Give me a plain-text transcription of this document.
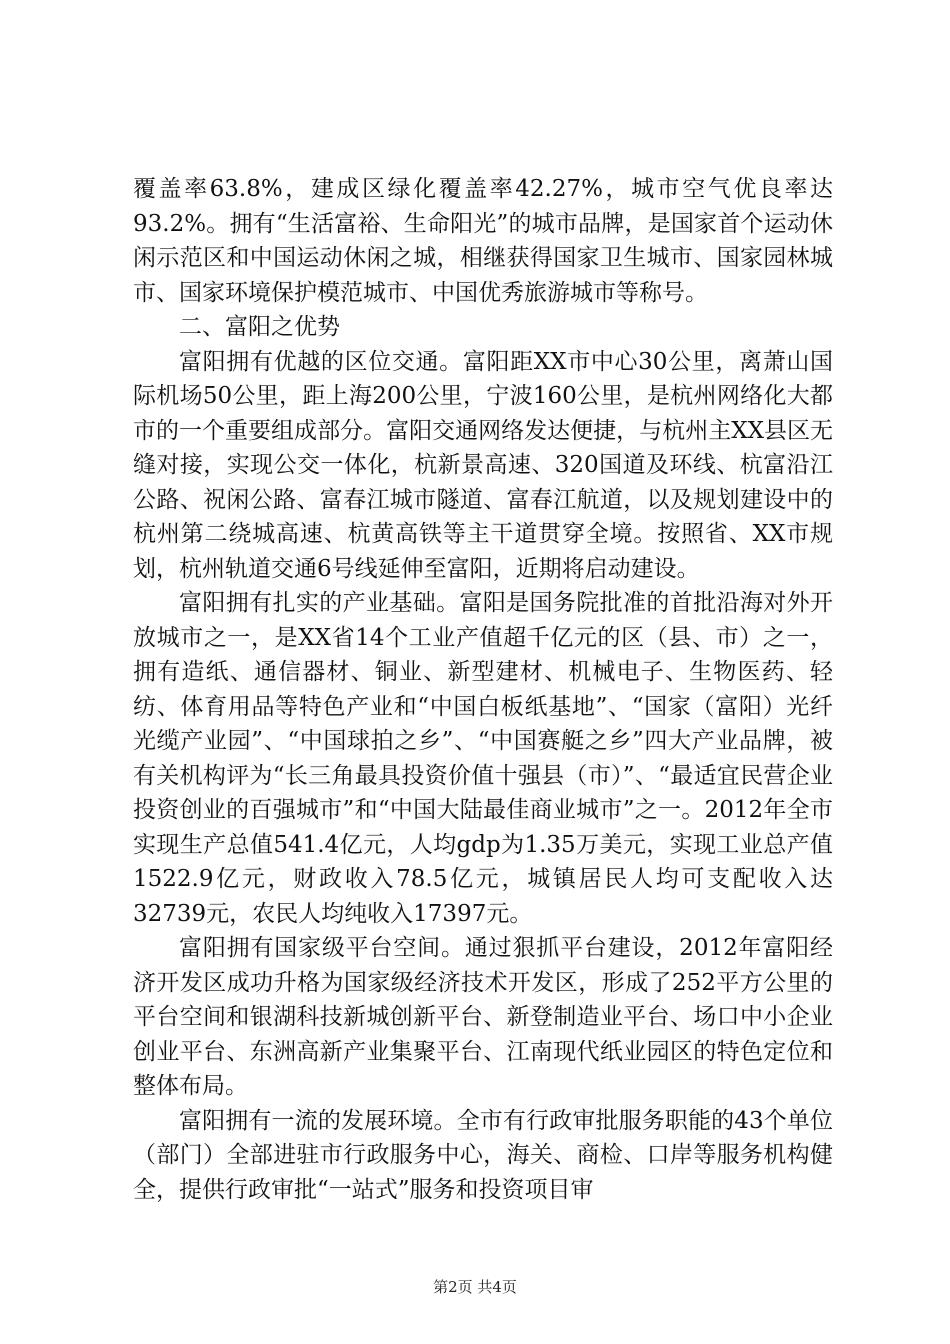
覆盖率63.8%，建成区绿化覆盖率42.27%，城市空气优良率达93.2%。拥有“生活富裕、生命阳光”的城市品牌，是国家首个运动休闲示范区和中国运动休闲之城，相继获得国家卫生城市、国家园林城市、国家环境保护模范城市、中国优秀旅游城市等称号。

二、富阳之优势

富阳拥有优越的区位交通。富阳距XX市中心30公里，离萧山国际机场50公里，距上海200公里，宁波160公里，是杭州网络化大都市的一个重要组成部分。富阳交通网络发达便捷，与杭州主XX县区无缝对接，实现公交一体化，杭新景高速、320国道及环线、杭富沿江公路、祝闲公路、富春江城市隧道、富春江航道，以及规划建设中的杭州第二绕城高速、杭黄高铁等主干道贯穿全境。按照省、XX市规划，杭州轨道交通6号线延伸至富阳，近期将启动建设。

富阳拥有扎实的产业基础。富阳是国务院批准的首批沿海对外开放城市之一，是XX省14个工业产值超千亿元的区（县、市）之一，拥有造纸、通信器材、铜业、新型建材、机械电子、生物医药、轻纺、体育用品等特色产业和“中国白板纸基地”、“国家（富阳）光纤光缆产业园”、“中国球拍之乡”、“中国赛艇之乡”四大产业品牌，被有关机构评为“长三角最具投资价值十强县（市）”、“最适宜民营企业投资创业的百强城市”和“中国大陆最佳商业城市”之一。2012年全市实现生产总值541.4亿元，人均gdp为1.35万美元，实现工业总产值1522.9亿元，财政收入78.5亿元，城镇居民人均可支配收入达32739元，农民人均纯收入17397元。

富阳拥有国家级平台空间。通过狠抓平台建设，2012年富阳经济开发区成功升格为国家级经济技术开发区，形成了252平方公里的平台空间和银湖科技新城创新平台、新登制造业平台、场口中小企业创业平台、东洲高新产业集聚平台、江南现代纸业园区的特色定位和整体布局。

富阳拥有一流的发展环境。全市有行政审批服务职能的43个单位（部门）全部进驻市行政服务中心，海关、商检、口岸等服务机构健全，提供行政审批“一站式”服务和投资项目审

第2页 共4页
